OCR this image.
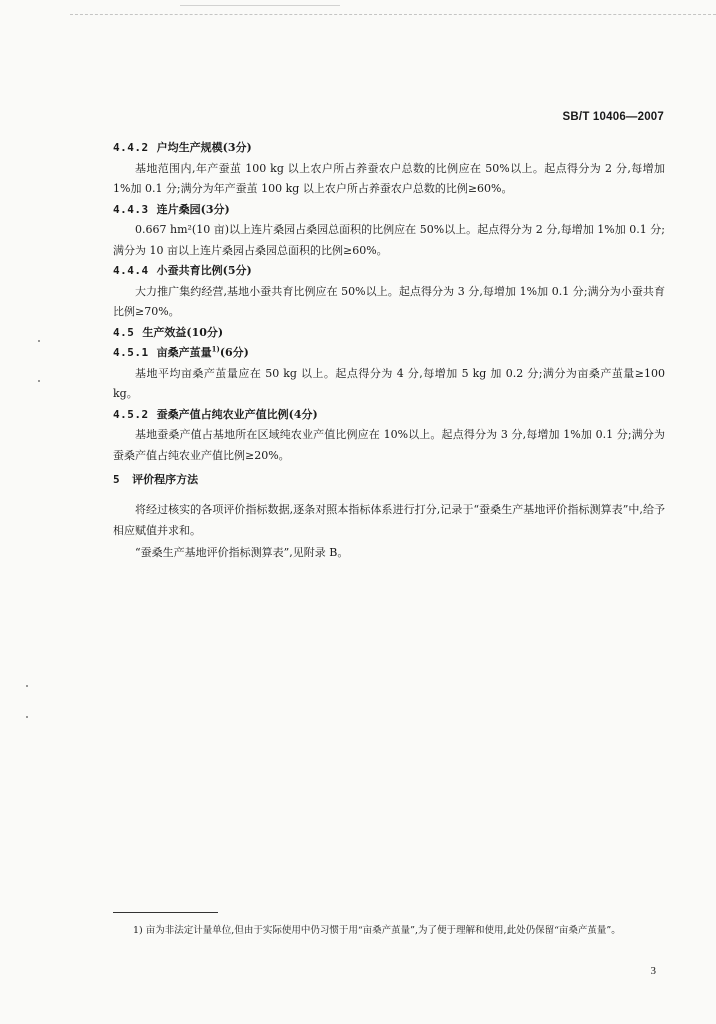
SB/T 10406—2007
4.4.2 户均生产规模(3分)
基地范围内,年产蚕茧 100 kg 以上农户所占养蚕农户总数的比例应在 50%以上。起点得分为 2 分,每增加 1%加 0.1 分;满分为年产蚕茧 100 kg 以上农户所占养蚕农户总数的比例≥60%。
4.4.3 连片桑园(3分)
0.667 hm²(10 亩)以上连片桑园占桑园总面积的比例应在 50%以上。起点得分为 2 分,每增加 1%加 0.1 分;满分为 10 亩以上连片桑园占桑园总面积的比例≥60%。
4.4.4 小蚕共育比例(5分)
大力推广集约经营,基地小蚕共育比例应在 50%以上。起点得分为 3 分,每增加 1%加 0.1 分;满分为小蚕共育比例≥70%。
4.5 生产效益(10分)
4.5.1 亩桑产茧量$^{1)}$(6分)
基地平均亩桑产茧量应在 50 kg 以上。起点得分为 4 分,每增加 5 kg 加 0.2 分;满分为亩桑产茧量≥100 kg。
4.5.2 蚕桑产值占纯农业产值比例(4分)
基地蚕桑产值占基地所在区域纯农业产值比例应在 10%以上。起点得分为 3 分,每增加 1%加 0.1 分;满分为蚕桑产值占纯农业产值比例≥20%。
5 评价程序方法
将经过核实的各项评价指标数据,逐条对照本指标体系进行打分,记录于“蚕桑生产基地评价指标测算表”中,给予相应赋值并求和。
“蚕桑生产基地评价指标测算表”,见附录 B。
1) 亩为非法定计量单位,但由于实际使用中仍习惯于用“亩桑产茧量”,为了便于理解和使用,此处仍保留“亩桑产茧量”。
3
